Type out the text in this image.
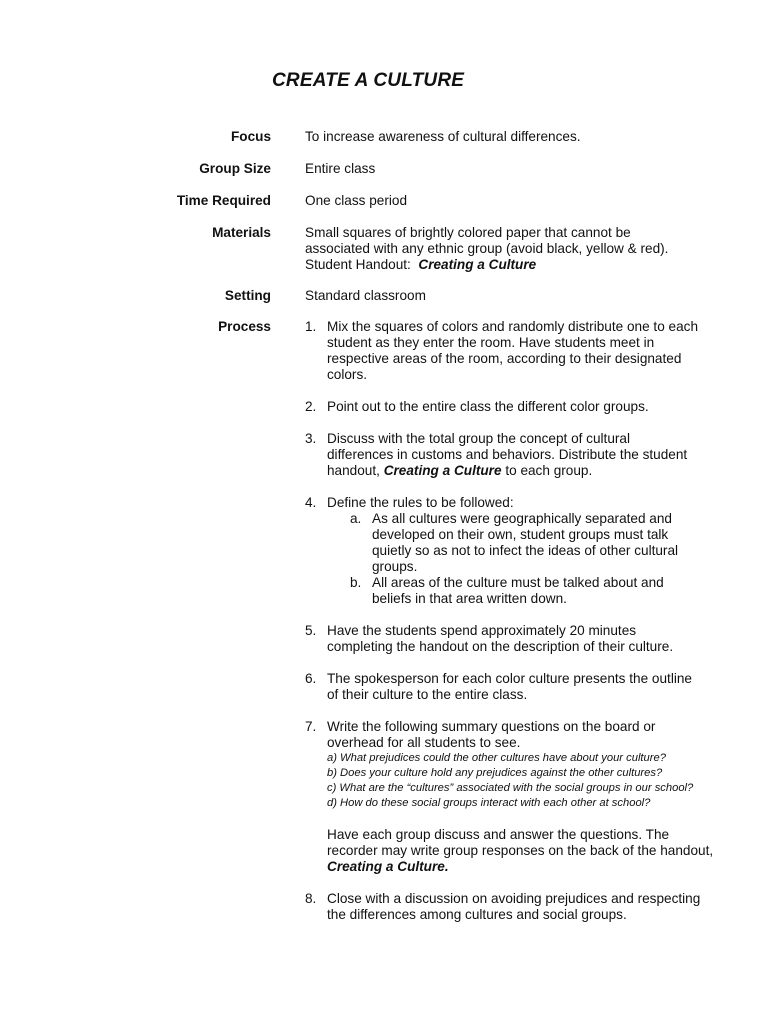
CREATE A CULTURE
Focus	To increase awareness of cultural differences.
Group Size	Entire class
Time Required	One class period
Materials	Small squares of brightly colored paper that cannot be
associated with any ethnic group (avoid black, yellow & red).
Student Handout: Creating a Culture
Setting	Standard classroom
Process	1. Mix the squares of colors and randomly distribute one to each
student as they enter the room. Have students meet in
respective areas of the room, according to their designated
colors.
2. Point out to the entire class the different color groups.
3. Discuss with the total group the concept of cultural
differences in customs and behaviors. Distribute the student
handout, Creating a Culture to each group.
4. Define the rules to be followed:
a. As all cultures were geographically separated and
developed on their own, student groups must talk
quietly so as not to infect the ideas of other cultural
groups.
b. All areas of the culture must be talked about and
beliefs in that area written down.
5. Have the students spend approximately 20 minutes
completing the handout on the description of their culture.
6. The spokesperson for each color culture presents the outline
of their culture to the entire class.
7. Write the following summary questions on the board or
overhead for all students to see.
a) What prejudices could the other cultures have about your culture?
b) Does your culture hold any prejudices against the other cultures?
c) What are the “cultures” associated with the social groups in our school?
d) How do these social groups interact with each other at school?
Have each group discuss and answer the questions. The
recorder may write group responses on the back of the handout,
Creating a Culture.
8. Close with a discussion on avoiding prejudices and respecting
the differences among cultures and social groups.
